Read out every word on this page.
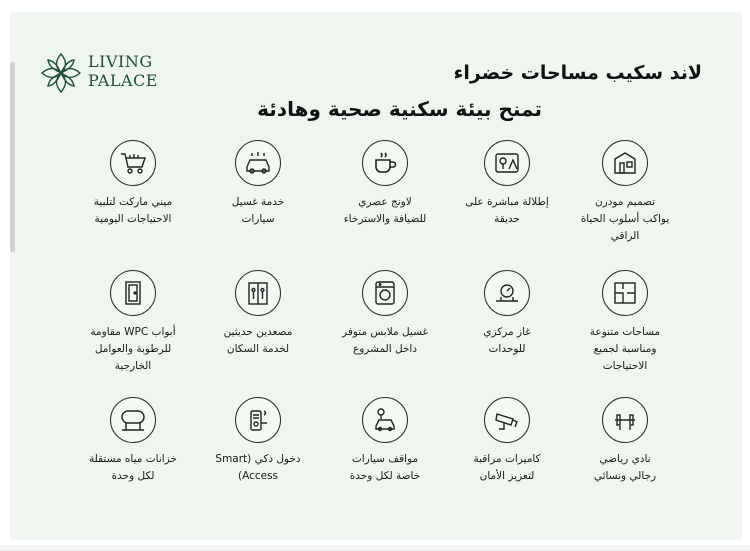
LIVING
PALACE	لاند سكيب مساحات خضراء
تمنح بيئة سكنية صحية وهادئة
تصميم مودرن
يواكب أسلوب الحياة
الراقي
إطلالة مباشرة على
حديقة
لاونج عصري
للضيافة والاسترخاء
خدمة غسيل
سيارات
ميني ماركت لتلبية
الاحتياجات اليومية
مساحات متنوعة
ومناسبة لجميع
الاحتياجات
غاز مركزي
للوحدات
غسيل ملابس متوفر
داخل المشروع
مصعدين حديثين
لخدمة السكان
أبواب WPC مقاومة
للرطوبة والعوامل
الخارجية
نادي رياضي
رجالي ونسائي
كاميرات مراقبة
لتعزيز الأمان
مواقف سيارات
خاصة لكل وحدة
دخول ذكي (Smart
Access)
خزانات مياه مستقلة
لكل وحدة
